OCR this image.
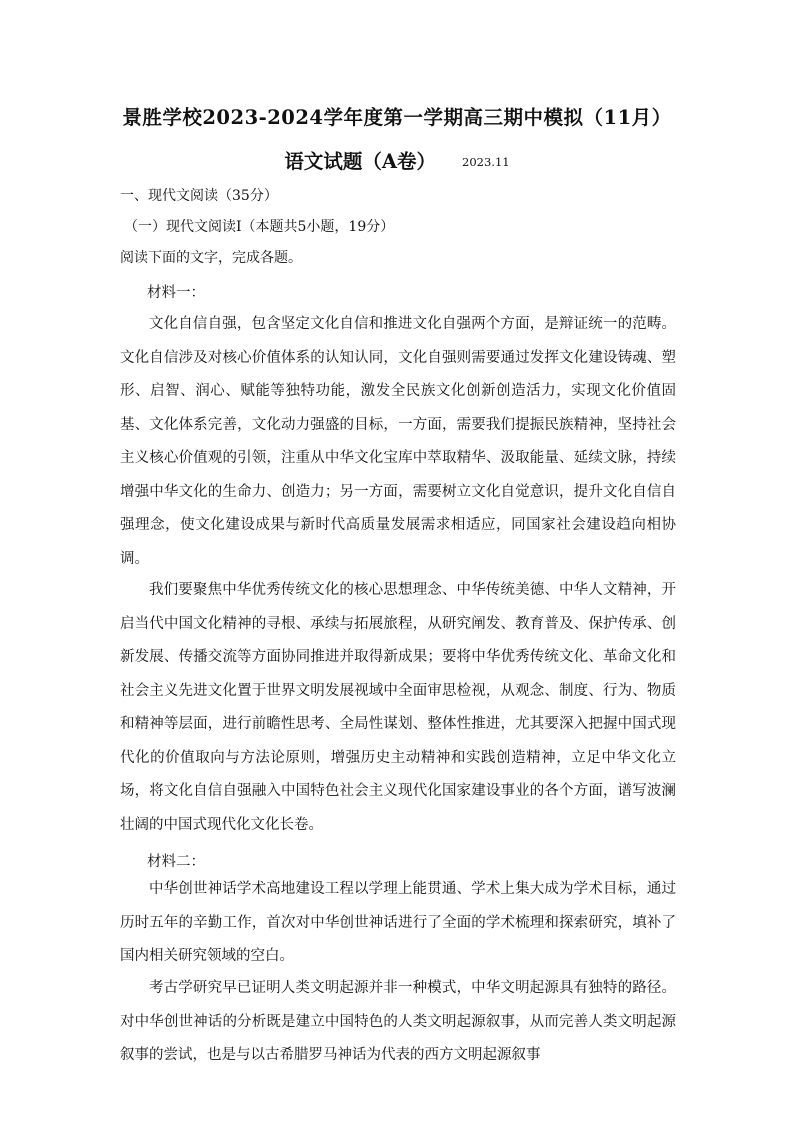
景胜学校2023-2024学年度第一学期高三期中模拟（11月）
语文试题（A卷） 2023.11
一、现代文阅读（35分）
（一）现代文阅读Ⅰ（本题共5小题，19分）
阅读下面的文字，完成各题。
材料一：
文化自信自强，包含坚定文化自信和推进文化自强两个方面，是辩证统一的范畴。文化自信涉及对核心价值体系的认知认同，文化自强则需要通过发挥文化建设铸魂、塑形、启智、润心、赋能等独特功能，激发全民族文化创新创造活力，实现文化价值固基、文化体系完善，文化动力强盛的目标，一方面，需要我们提振民族精神，坚持社会主义核心价值观的引领，注重从中华文化宝库中萃取精华、汲取能量、延续文脉，持续增强中华文化的生命力、创造力；另一方面，需要树立文化自觉意识，提升文化自信自强理念，使文化建设成果与新时代高质量发展需求相适应，同国家社会建设趋向相协调。
我们要聚焦中华优秀传统文化的核心思想理念、中华传统美德、中华人文精神，开启当代中国文化精神的寻根、承续与拓展旅程，从研究阐发、教育普及、保护传承、创新发展、传播交流等方面协同推进并取得新成果；要将中华优秀传统文化、革命文化和社会主义先进文化置于世界文明发展视域中全面审思检视，从观念、制度、行为、物质和精神等层面，进行前瞻性思考、全局性谋划、整体性推进，尤其要深入把握中国式现代化的价值取向与方法论原则，增强历史主动精神和实践创造精神，立足中华文化立场，将文化自信自强融入中国特色社会主义现代化国家建设事业的各个方面，谱写波澜壮阔的中国式现代化文化长卷。
材料二：
中华创世神话学术高地建设工程以学理上能贯通、学术上集大成为学术目标，通过历时五年的辛勤工作，首次对中华创世神话进行了全面的学术梳理和探索研究，填补了国内相关研究领域的空白。
考古学研究早已证明人类文明起源并非一种模式，中华文明起源具有独特的路径。对中华创世神话的分析既是建立中国特色的人类文明起源叙事，从而完善人类文明起源叙事的尝试，也是与以古希腊罗马神话为代表的西方文明起源叙事
